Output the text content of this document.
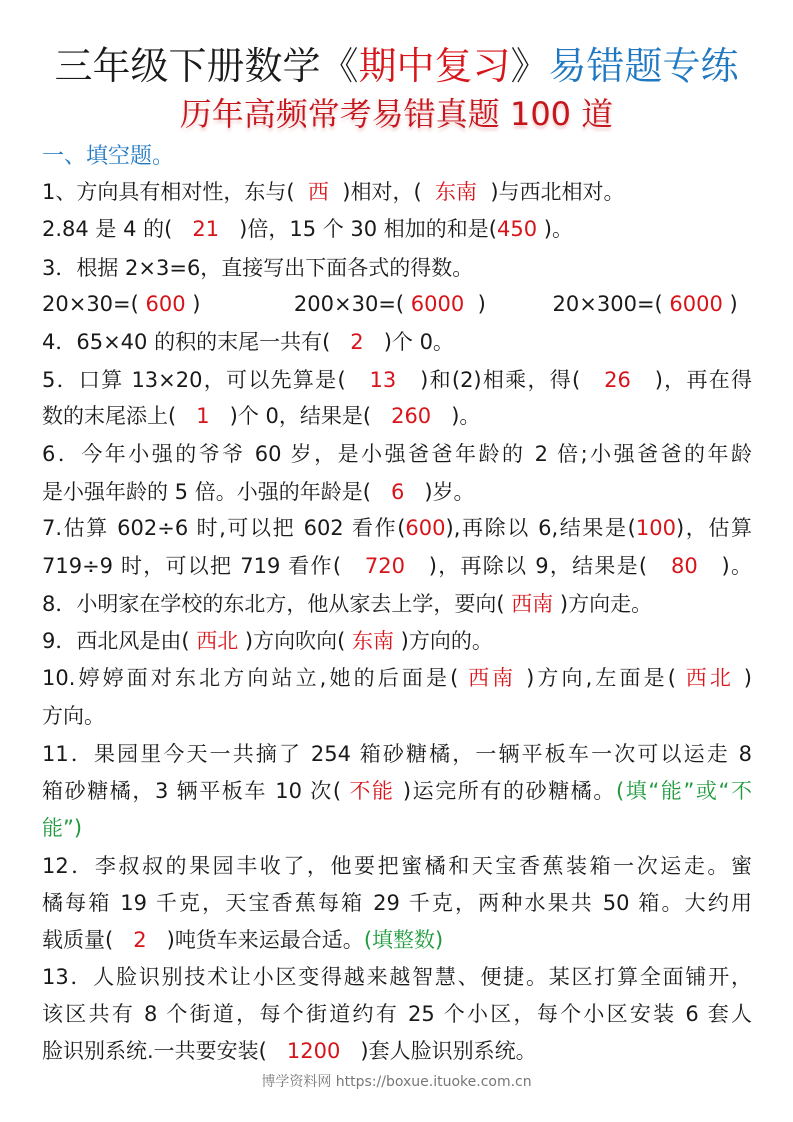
三年级下册数学《期中复习》易错题专练
历年高频常考易错真题 100 道
一、填空题。
1、方向具有相对性，东与(  西  )相对，(  东南  )与西北相对。
2.84 是 4 的(   21   )倍，15 个 30 相加的和是(450 )。
3．根据 2×3=6，直接写出下面各式的得数。
20×30=( 600 )              200×30=( 6000  )          20×300=( 6000 )
4．65×40 的积的末尾一共有(   2   )个 0。
5．口算 13×20，可以先算是(   13   )和(2)相乘，得(   26   )，再在得
数的末尾添上(   1   )个 0，结果是(   260   )。
6．今年小强的爷爷 60 岁，是小强爸爸年龄的 2 倍;小强爸爸的年龄
是小强年龄的 5 倍。小强的年龄是(   6   )岁。
7.估算 602÷6 时,可以把 602 看作(600),再除以 6,结果是(100)，估算
719÷9 时，可以把 719 看作(   720   )，再除以 9，结果是(   80   )。
8．小明家在学校的东北方，他从家去上学，要向( 西南 )方向走。
9．西北风是由( 西北 )方向吹向( 东南 )方向的。
10.婷婷面对东北方向站立,她的后面是( 西南 )方向,左面是( 西北 )
方向。
11．果园里今天一共摘了 254 箱砂糖橘，一辆平板车一次可以运走 8
箱砂糖橘，3 辆平板车 10 次( 不能 )运完所有的砂糖橘。(填“能”或“不
能”)
12．李叔叔的果园丰收了，他要把蜜橘和天宝香蕉装箱一次运走。蜜
橘每箱 19 千克，天宝香蕉每箱 29 千克，两种水果共 50 箱。大约用
载质量(   2   )吨货车来运最合适。(填整数)
13．人脸识别技术让小区变得越来越智慧、便捷。某区打算全面铺开，
该区共有 8 个街道，每个街道约有 25 个小区，每个小区安装 6 套人
脸识别系统.一共要安装(   1200   )套人脸识别系统。
博学资料网 https://boxue.ituoke.com.cn
